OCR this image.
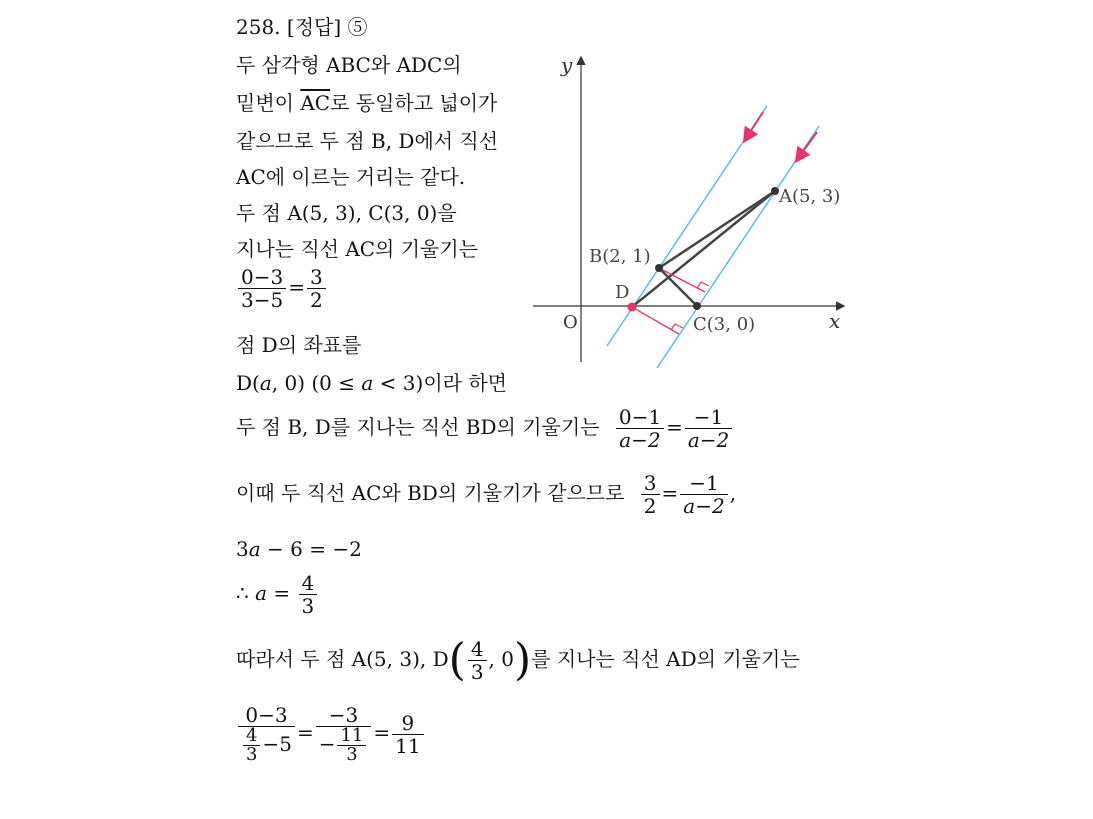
258. [정답] ⑤
두 삼각형 ABC와 ADC의
밑변이 $\overline{AC}$로 동일하고 넓이가
같으므로 두 점 B, D에서 직선
AC에 이르는 거리는 같다.
두 점 A(5, 3), C(3, 0)을
지나는 직선 AC의 기울기는
$\frac{0-3}{3-5} = \frac{3}{2}$
점 D의 좌표를
D(a, 0) (0 ≤ a < 3)이라 하면
두 점 B, D를 지나는 직선 BD의 기울기는 $\frac{0-1}{a-2} = \frac{-1}{a-2}$
이때 두 직선 AC와 BD의 기울기가 같으므로 $\frac{3}{2} = \frac{-1}{a-2}$ ,
3a − 6 = −2
∴ $a = \frac{4}{3}$
따라서 두 점 A(5, 3), $D( \frac{4}{3}$ , 0)를 지나는 직선 AD의 기울기는
$\frac{0-3}{\frac{4}{3} -5} = \frac{-3}{- \frac{11}{3}} = \frac{9}{11}$
x
y
O
A(5, 3)
B(2, 1)
C(3, 0)
D
